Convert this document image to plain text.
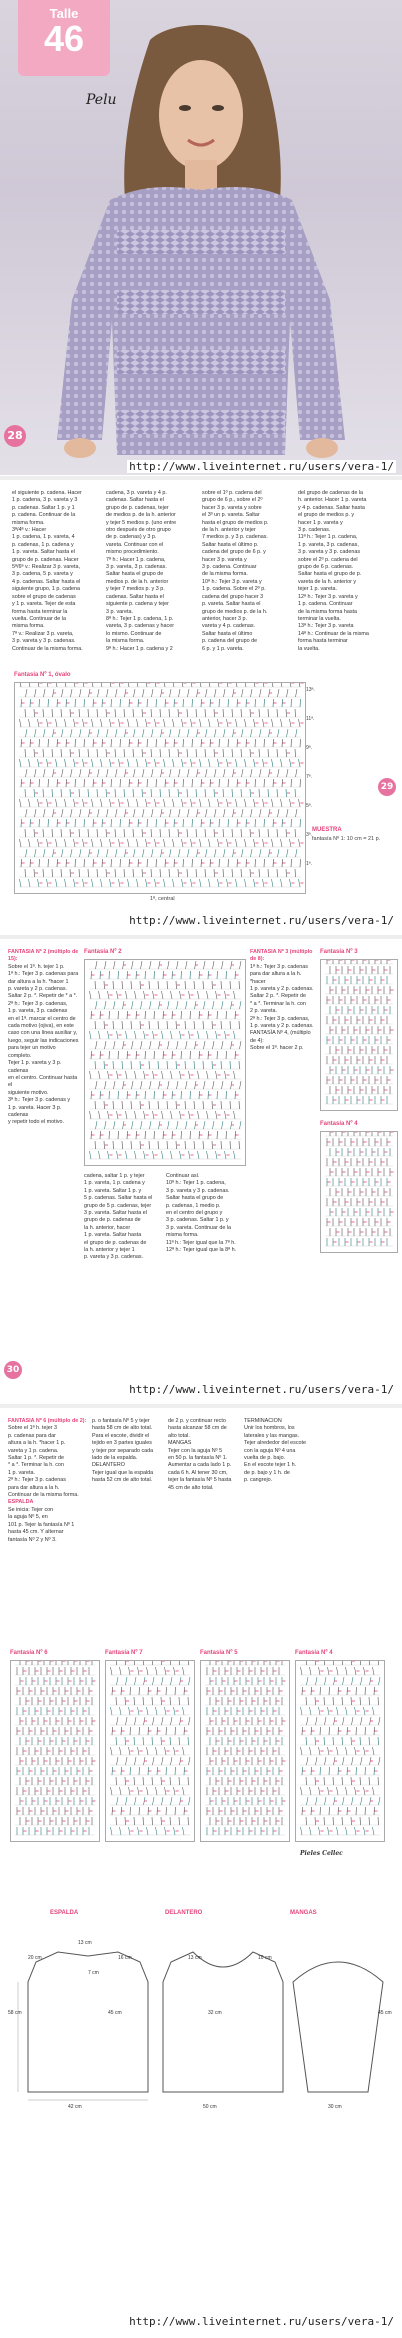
Talle
46
Pelu
28
http://www.liveinternet.ru/users/vera-1/
el siguiente p. cadena. Hacer
1 p. cadena, 3 p. vareta y 3
p. cadenas. Saltar 1 p. y 1
p. cadena. Continuar de la
misma forma.
3ª/4ª v.: Hacer
1 p. cadena, 1 p. vareta, 4
p. cadenas, 1 p. cadena y
1 p. vareta. Saltar hasta el
grupo de p. cadenas. Hacer
5ª/6ª v.: Realizar 3 p. vareta,
3 p. cadena, 5 p. vareta y
4 p. cadenas. Saltar hasta el
siguiente grupo, 1 p. cadena
sobre el grupo de cadenas
y 1 p. vareta. Tejer de esta
forma hasta terminar la
vuelta. Continuar de la
misma forma.
7ª v.: Realizar 3 p. vareta,
3 p. vareta y 3 p. cadenas.
Continuar de la misma forma.
cadena, 3 p. vareta y 4 p.
cadenas. Saltar hasta el
grupo de p. cadenas, tejer
de medios p. de la h. anterior
y tejer 5 medios p. (uno entre
otro después de otro grupo
de p. cadenas) y 3 p.
vareta. Continuar con el
mismo procedimiento.
7ª h.: Hacer 1 p. cadena,
3 p. vareta, 3 p. cadenas.
Saltar hasta el grupo de
medios p. de la h. anterior
y tejer 7 medios p. y 3 p.
cadenas. Saltar hasta el
siguiente p. cadena y tejer
3 p. vareta.
8ª h.: Tejer 1 p. cadena, 1 p.
vareta, 3 p. cadenas y hacer
lo mismo. Continuar de
la misma forma.
9ª h.: Hacer 1 p. cadena y 2
sobre el 1º p. cadena del
grupo de 6 p., sobre el 2º
hacer 3 p. vareta y sobre
el 3º un p. vareta. Saltar
hasta el grupo de medios p.
de la h. anterior y tejer
7 medios p. y 3 p. cadenas.
Saltar hasta el último p.
cadena del grupo de 6 p. y
hacer 3 p. vareta y
3 p. cadena. Continuar
de la misma forma.
10ª h.: Tejer 3 p. vareta y
1 p. cadena. Sobre el 2º p.
cadena del grupo hacer 3
p. vareta. Saltar hasta el
grupo de medios p. de la h.
anterior, hacer 3 p.
vareta y 4 p. cadenas.
Saltar hasta el último
p. cadena del grupo de
6 p. y 1 p. vareta.
del grupo de cadenas de la
h. anterior. Hacer 1 p. vareta
y 4 p. cadenas. Saltar hasta
el grupo de medios p. y
hacer 1 p. vareta y
3 p. cadenas.
11ª h.: Tejer 1 p. cadena,
1 p. vareta, 3 p. cadenas,
3 p. vareta y 3 p. cadenas
sobre el 2º p. cadena del
grupo de 6 p. cadenas.
Saltar hasta el grupo de p.
vareta de la h. anterior y
tejer 1 p. vareta.
12ª h.: Tejer 3 p. vareta y
1 p. cadena. Continuar
de la misma forma hasta
terminar la vuelta.
13ª h.: Tejer 3 p. vareta
14ª h.: Continuar de la misma
forma hasta terminar
la vuelta.
Fantasía Nº 1, óvalo
1ª, central
13ª.
11ª.
9ª.
7ª.
5ª.
3ª.
1ª.
MUESTRA
fantasía Nº 1: 10 cm = 21 p.
29
http://www.liveinternet.ru/users/vera-1/
FANTASÍA Nº 2 (múltiplo de 15):
Sobre el 1ª. h. tejer 1 p.
1ª h.: Tejer 3 p. cadenas para
dar altura a la h. *hacer 1
p. vareta y 2 p. cadenas.
Saltar 2 p. *. Repetir de * a *.
2ª h.: Tejer 3 p. cadenas,
1 p. vareta, 3 p. cadenas
en el 1ª. marcar el centro de
cada motivo (ojiva), en este
caso con una línea auxiliar y,
luego, seguir las indicaciones
para tejer un motivo completo.
Tejer 1 p. vareta y 3 p. cadenas
en el centro. Continuar hasta el
siguiente motivo.
3ª h.: Tejer 3 p. cadenas y
1 p. vareta. Hacer 3 p. cadenas
y repetir todo el motivo.
Fantasía Nº 2
cadena, saltar 1 p. y tejer
1 p. vareta, 1 p. cadena y
1 p. vareta. Saltar 1 p. y
5 p. cadenas. Saltar hasta el
grupo de 5 p. cadenas, tejer
3 p. vareta. Saltar hasta el
grupo de p. cadenas de
la h. anterior, hacer
1 p. vareta. Saltar hasta
el grupo de p. cadenas de
la h. anterior y tejer 1
p. vareta y 3 p. cadenas.
Continuar así.
10ª h.: Tejer 1 p. cadena,
3 p. vareta y 3 p. cadenas.
Saltar hasta el grupo de
p. cadenas, 1 medio p.
en el centro del grupo y
3 p. cadenas. Saltar 1 p. y
3 p. vareta. Continuar de la
misma forma.
11ª h.: Tejer igual que la 7ª h.
12ª h.: Tejer igual que la 8ª h.
FANTASÍA Nº 3 (múltiplo de 8):
1ª h.: Tejer 3 p. cadenas
para dar altura a la h. *hacer
1 p. vareta y 2 p. cadenas.
Saltar 2 p. *. Repetir de
* a *. Terminar la h. con
2 p. vareta.
2ª h.: Tejer 3 p. cadenas,
1 p. vareta y 2 p. cadenas.
FANTASÍA Nº 4, (múltiplo
de 4):
Sobre el 1ª. hacer 2 p.
Fantasía Nº 3
Fantasía Nº 4
30
http://www.liveinternet.ru/users/vera-1/
FANTASÍA Nº 6 (múltiplo de 2):
Sobre el 1ª h. tejer 3
p. cadenas para dar
altura a la h. *hacer 1 p.
vareta y 1 p. cadena.
Saltar 1 p. *. Repetir de
* a *. Terminar la h. con
1 p. vareta.
2ª h.: Tejer 3 p. cadenas
para dar altura a la h.
Continuar de la misma forma.
ESPALDA
Se inicia: Tejer con
la aguja Nº 5, en
101 p. Tejer la fantasía Nº 1
hasta 45 cm. Y alternar
fantasía Nº 2 y Nº 3.
p. o fantasía Nº 5 y tejer
hasta 58 cm de alto total.
Para el escote, dividir el
tejido en 3 partes iguales
y tejer por separado cada
lado de la espalda.
DELANTERO
Tejer igual que la espalda
hasta 52 cm de alto total.
de 2 p. y continuar recto
hasta alcanzar 58 cm de
alto total.
MANGAS
Tejer con la aguja Nº 5
en 50 p. la fantasía Nº 1.
Aumentar a cada lado 1 p.
cada 6 h. Al tener 30 cm,
tejer la fantasía Nº 5 hasta
45 cm de alto total.
TERMINACIÓN
Unir los hombros, los
laterales y las mangas.
Tejer alrededor del escote
con la aguja Nº 4 una
vuelta de p. bajo.
En el escote tejer 1 h.
de p. bajo y 1 h. de
p. cangrejo.
Fantasía Nº 6	Fantasía Nº 7	Fantasía Nº 5	Fantasía Nº 4
ESPALDA	DELANTERO	MANGAS
42 cm
58 cm	45 cm
13 cm
20 cm	16 cm
7 cm
50 cm
32 cm
13 cm	10 cm
30 cm
45 cm
Pieles Cellec
http://www.liveinternet.ru/users/vera-1/
